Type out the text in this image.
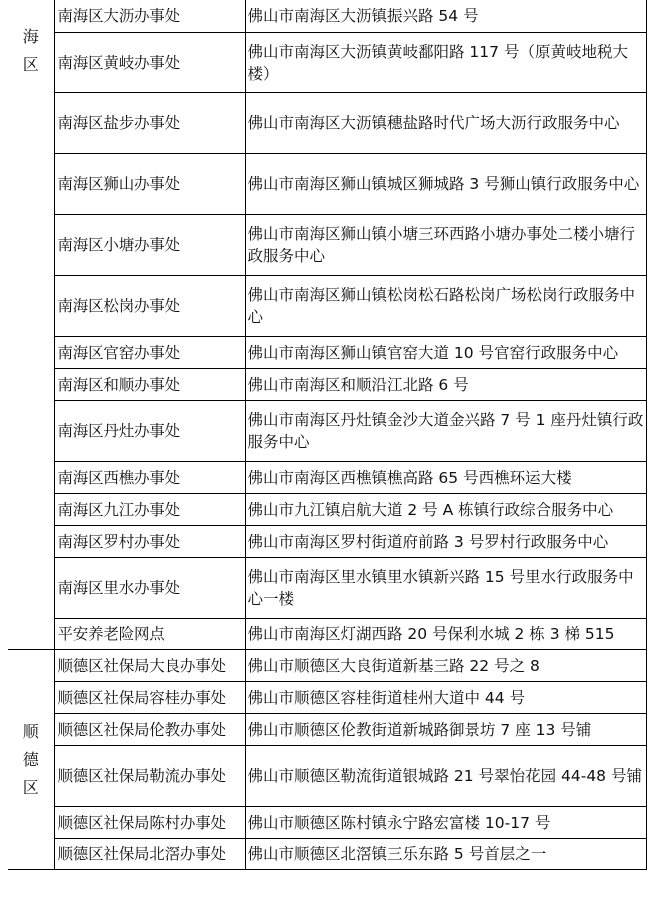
海
区	南海区大沥办事处	佛山市南海区大沥镇振兴路 54 号
	南海区黄岐办事处	佛山市南海区大沥镇黄岐鄱阳路 117 号（原黄岐地税大楼）
	南海区盐步办事处	佛山市南海区大沥镇穗盐路时代广场大沥行政服务中心
	南海区狮山办事处	佛山市南海区狮山镇城区狮城路 3 号狮山镇行政服务中心
	南海区小塘办事处	佛山市南海区狮山镇小塘三环西路小塘办事处二楼小塘行政服务中心
	南海区松岗办事处	佛山市南海区狮山镇松岗松石路松岗广场松岗行政服务中心
	南海区官窑办事处	佛山市南海区狮山镇官窑大道 10 号官窑行政服务中心
	南海区和顺办事处	佛山市南海区和顺沿江北路 6 号
	南海区丹灶办事处	佛山市南海区丹灶镇金沙大道金兴路 7 号 1 座丹灶镇行政服务中心
	南海区西樵办事处	佛山市南海区西樵镇樵高路 65 号西樵环运大楼
	南海区九江办事处	佛山市九江镇启航大道 2 号 A 栋镇行政综合服务中心
	南海区罗村办事处	佛山市南海区罗村街道府前路 3 号罗村行政服务中心
	南海区里水办事处	佛山市南海区里水镇里水镇新兴路 15 号里水行政服务中心一楼
	平安养老险网点	佛山市南海区灯湖西路 20 号保利水城 2 栋 3 梯 515
顺
德
区	顺德区社保局大良办事处	佛山市顺德区大良街道新基三路 22 号之 8
	顺德区社保局容桂办事处	佛山市顺德区容桂街道桂州大道中 44 号
	顺德区社保局伦教办事处	佛山市顺德区伦教街道新城路御景坊 7 座 13 号铺
	顺德区社保局勒流办事处	佛山市顺德区勒流街道银城路 21 号翠怡花园 44-48 号铺
	顺德区社保局陈村办事处	佛山市顺德区陈村镇永宁路宏富楼 10-17 号
	顺德区社保局北滘办事处	佛山市顺德区北滘镇三乐东路 5 号首层之一
